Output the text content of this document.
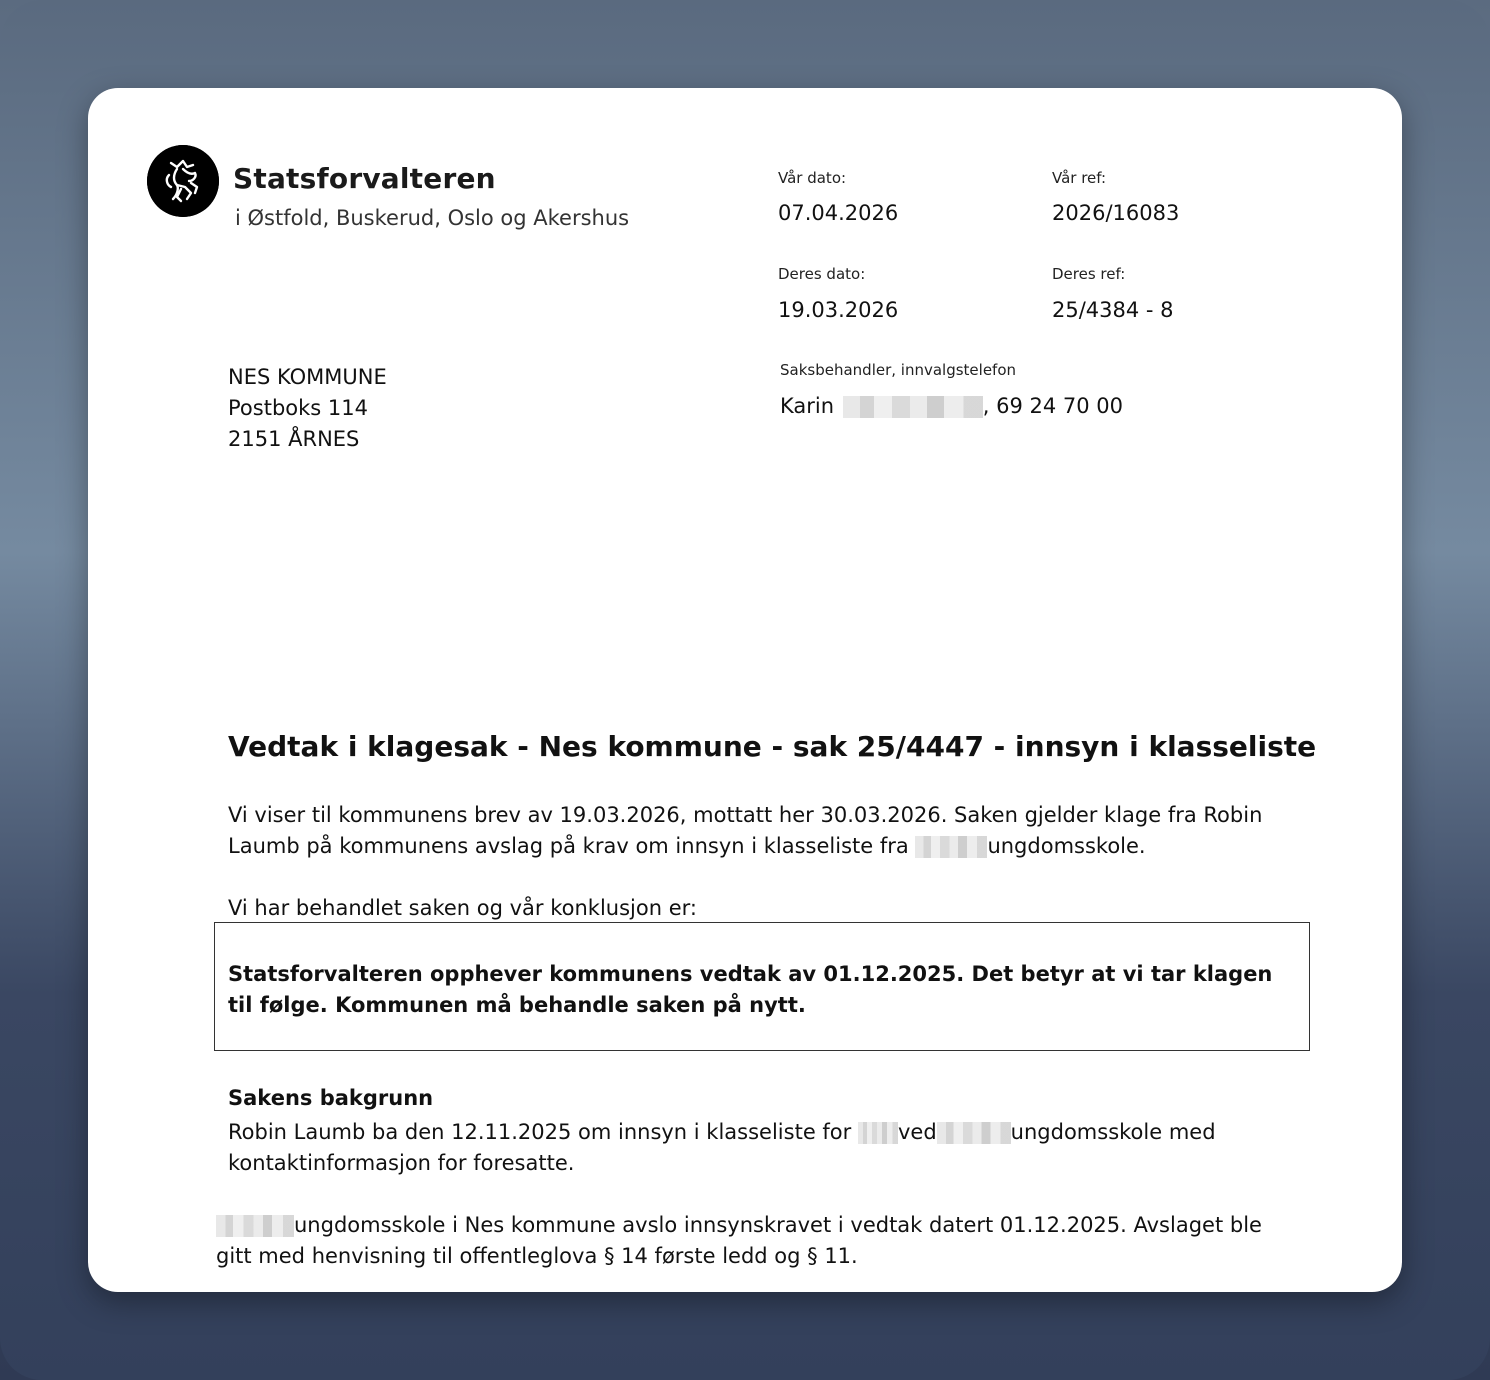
Statsforvalteren
i Østfold, Buskerud, Oslo og Akershus
Vår dato:
07.04.2026
Vår ref:
2026/16083
Deres dato:
19.03.2026
Deres ref:
25/4384 - 8
NES KOMMUNE
Postboks 114
2151 ÅRNES
Saksbehandler, innvalgstelefon
Karin	, 69 24 70 00
Vedtak i klagesak - Nes kommune - sak 25/4447 - innsyn i klasseliste
Vi viser til kommunens brev av 19.03.2026, mottatt her 30.03.2026. Saken gjelder klage fra Robin Laumb på kommunens avslag på krav om innsyn i klasseliste fra	ungdomsskole.
Vi har behandlet saken og vår konklusjon er:
Statsforvalteren opphever kommunens vedtak av 01.12.2025. Det betyr at vi tar klagen til følge. Kommunen må behandle saken på nytt.
Sakens bakgrunn
Robin Laumb ba den 12.11.2025 om innsyn i klasseliste for ved	ungdomsskole med kontaktinformasjon for foresatte.
ungdomsskole i Nes kommune avslo innsynskravet i vedtak datert 01.12.2025. Avslaget ble gitt med henvisning til offentleglova § 14 første ledd og § 11.
